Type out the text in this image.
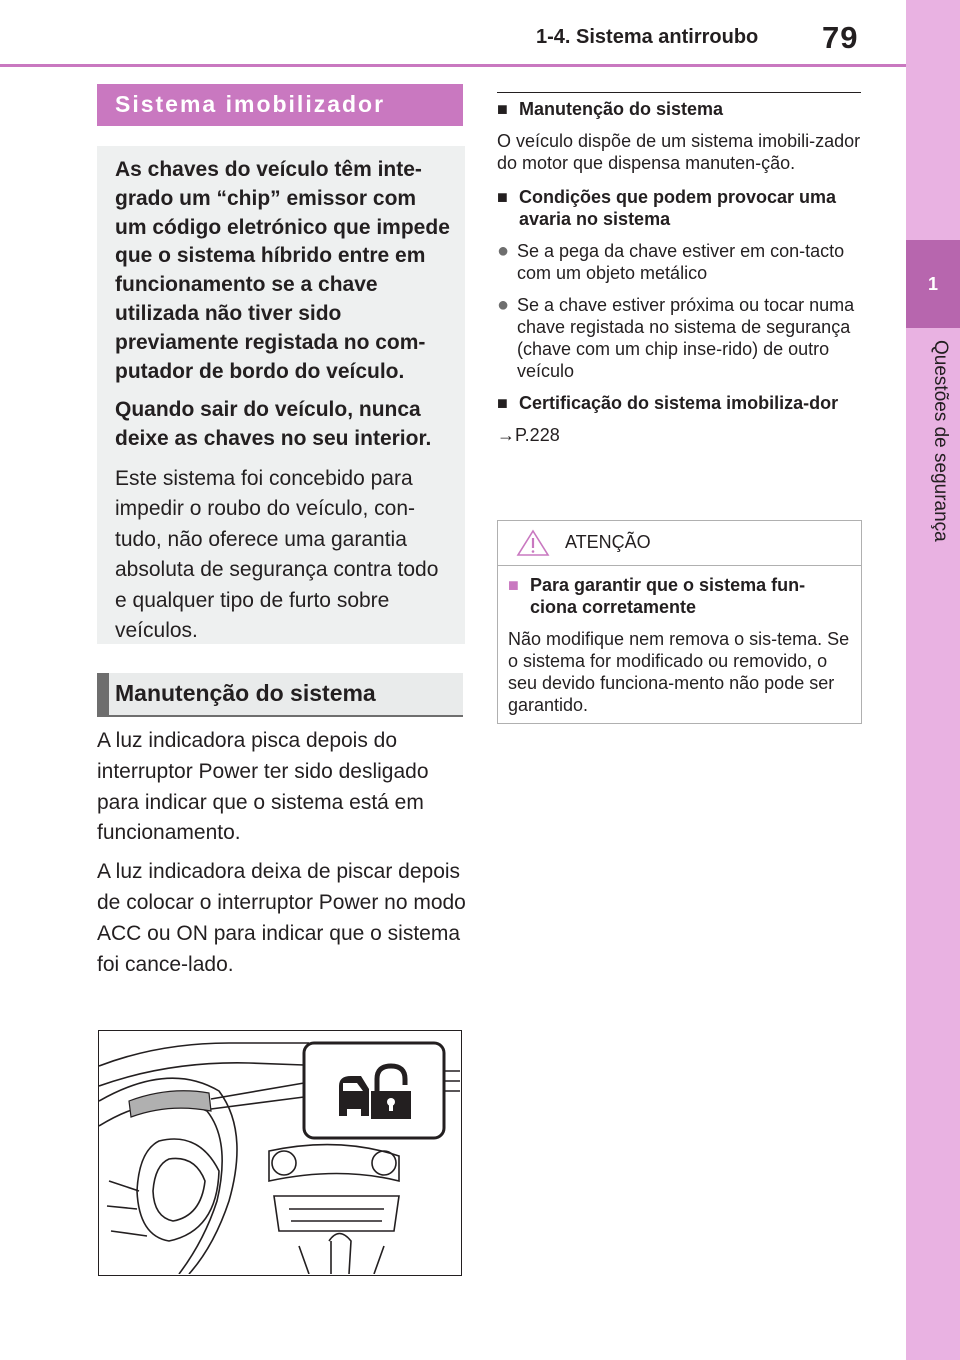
1-4. Sistema antirroubo 79
1
Questões de segurança
Sistema imobilizador

As chaves do veículo têm inte-grado um “chip” emissor com um código eletrónico que impede que o sistema híbrido entre em funcionamento se a chave utilizada não tiver sido previamente registada no com-putador de bordo do veículo.

Quando sair do veículo, nunca deixe as chaves no seu interior.

Este sistema foi concebido para impedir o roubo do veículo, con-tudo, não oferece uma garantia absoluta de segurança contra todo e qualquer tipo de furto sobre veículos.

Manutenção do sistema

A luz indicadora pisca depois do interruptor Power ter sido desligado para indicar que o sistema está em funcionamento.

A luz indicadora deixa de piscar depois de colocar o interruptor Power no modo ACC ou ON para indicar que o sistema foi cance-lado.

■ Manutenção do sistema
O veículo dispõe de um sistema imobili-zador do motor que dispensa manuten-ção.
■ Condições que podem provocar uma avaria no sistema
● Se a pega da chave estiver em con-tacto com um objeto metálico
● Se a chave estiver próxima ou tocar numa chave registada no sistema de segurança (chave com um chip inse-rido) de outro veículo
■ Certificação do sistema imobiliza-dor
→P.228
ATENÇÃO
■ Para garantir que o sistema fun-ciona corretamente
Não modifique nem remova o sis-tema. Se o sistema for modificado ou removido, o seu devido funciona-mento não pode ser garantido.
